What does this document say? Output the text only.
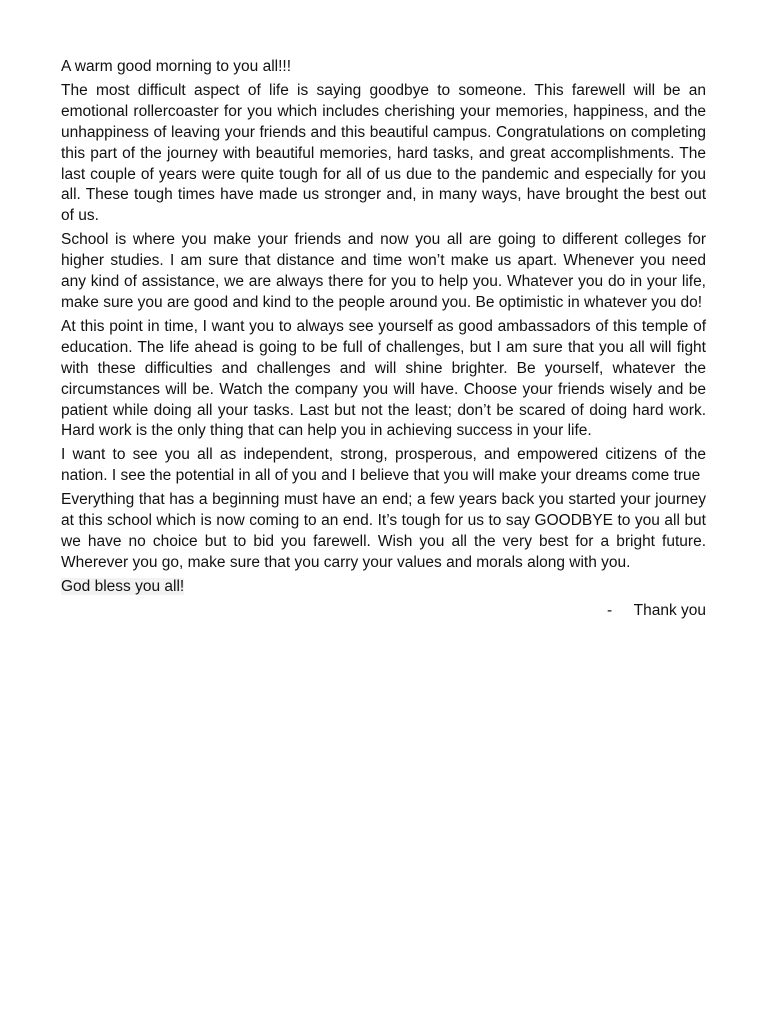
A warm good morning to you all!!!

The most difficult aspect of life is saying goodbye to someone. This farewell will be an emotional rollercoaster for you which includes cherishing your memories, happiness, and the unhappiness of leaving your friends and this beautiful campus. Congratulations on completing this part of the journey with beautiful memories, hard tasks, and great accomplishments. The last couple of years were quite tough for all of us due to the pandemic and especially for you all. These tough times have made us stronger and, in many ways, have brought the best out of us.

School is where you make your friends and now you all are going to different colleges for higher studies. I am sure that distance and time won’t make us apart. Whenever you need any kind of assistance, we are always there for you to help you. Whatever you do in your life, make sure you are good and kind to the people around you. Be optimistic in whatever you do!

At this point in time, I want you to always see yourself as good ambassadors of this temple of education. The life ahead is going to be full of challenges, but I am sure that you all will fight with these difficulties and challenges and will shine brighter. Be yourself, whatever the circumstances will be. Watch the company you will have. Choose your friends wisely and be patient while doing all your tasks. Last but not the least; don’t be scared of doing hard work. Hard work is the only thing that can help you in achieving success in your life.

I want to see you all as independent, strong, prosperous, and empowered citizens of the nation. I see the potential in all of you and I believe that you will make your dreams come true

Everything that has a beginning must have an end; a few years back you started your journey at this school which is now coming to an end. It’s tough for us to say GOODBYE to you all but we have no choice but to bid you farewell. Wish you all the very best for a bright future. Wherever you go, make sure that you carry your values and morals along with you.

God bless you all!

- Thank you
